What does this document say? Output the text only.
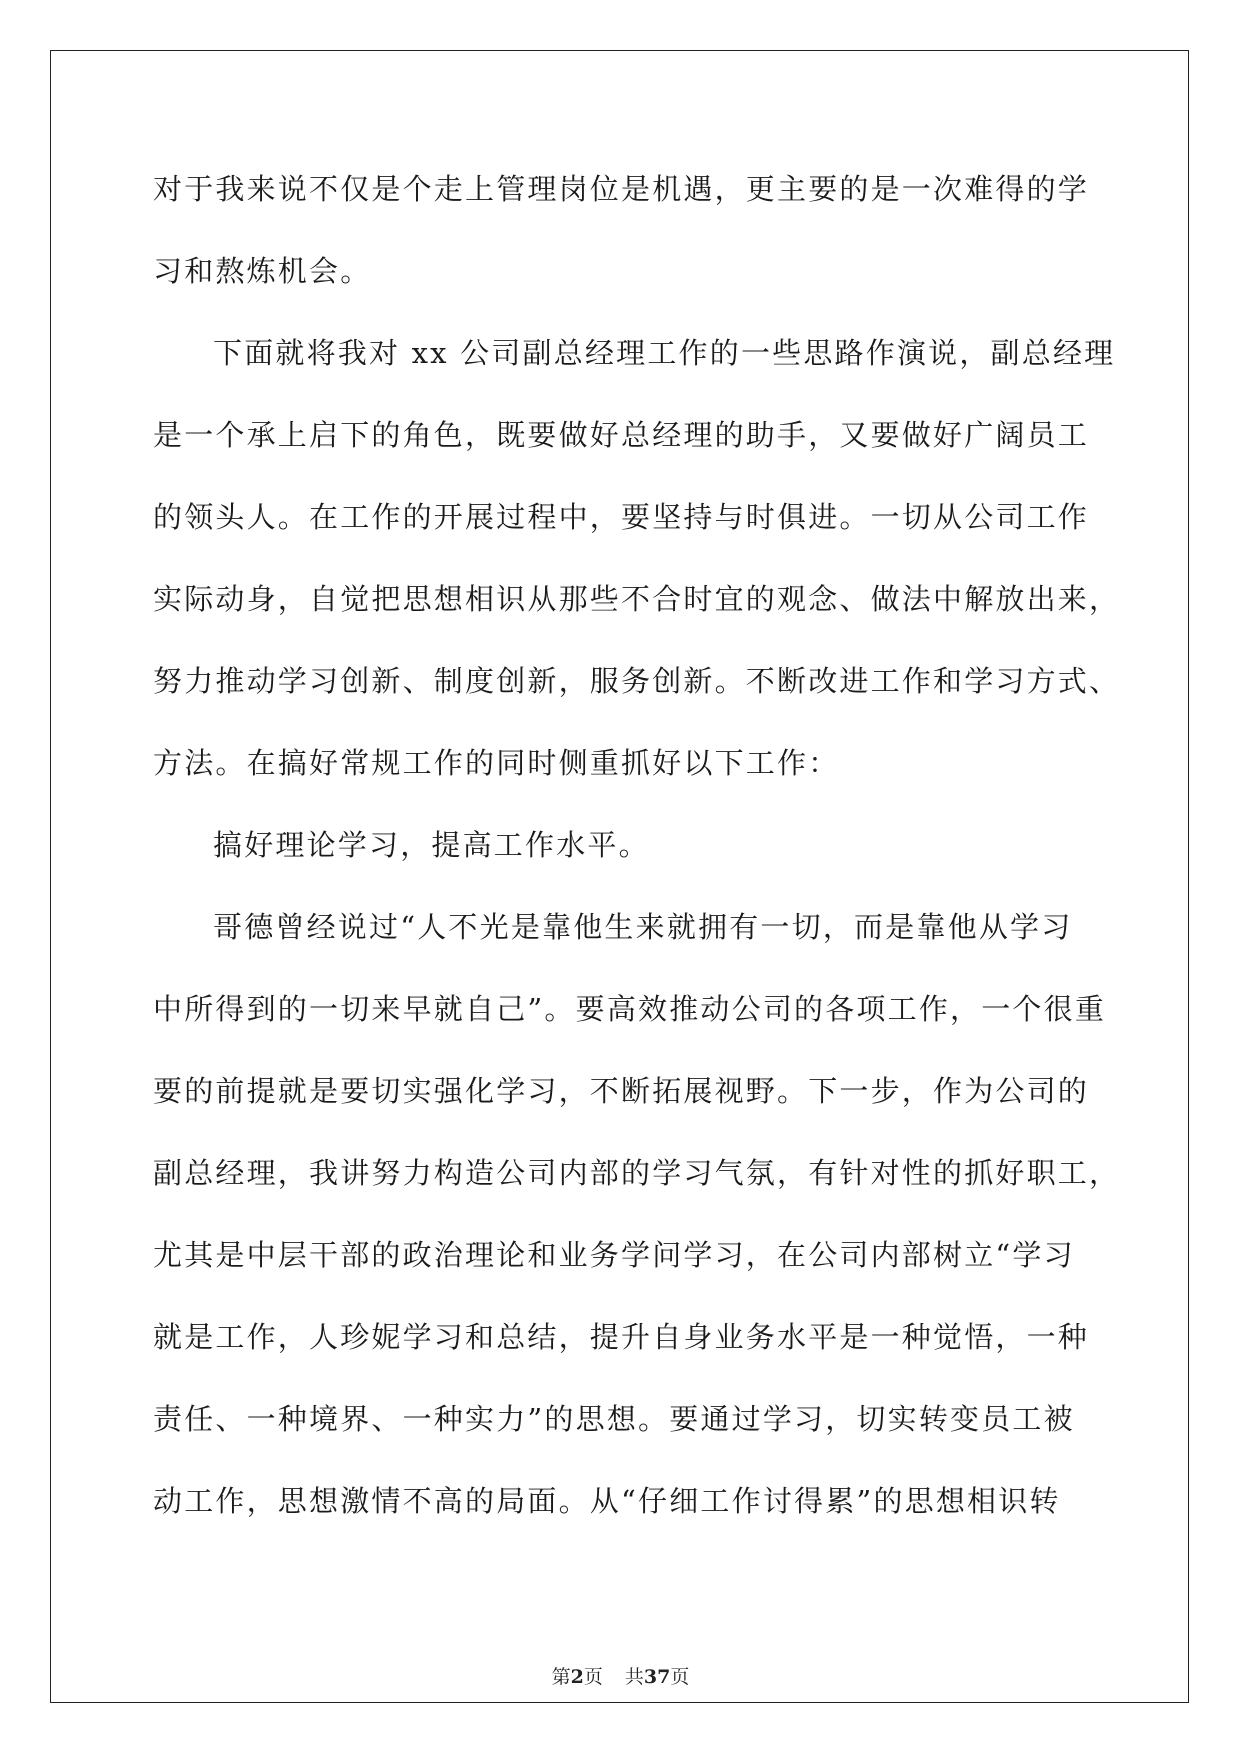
对于我来说不仅是个走上管理岗位是机遇，更主要的是一次难得的学

习和熬炼机会。

下面就将我对 xx 公司副总经理工作的一些思路作演说，副总经理

是一个承上启下的角色，既要做好总经理的助手，又要做好广阔员工

的领头人。在工作的开展过程中，要坚持与时俱进。一切从公司工作

实际动身，自觉把思想相识从那些不合时宜的观念、做法中解放出来，

努力推动学习创新、制度创新，服务创新。不断改进工作和学习方式、

方法。在搞好常规工作的同时侧重抓好以下工作：

搞好理论学习，提高工作水平。

哥德曾经说过“人不光是靠他生来就拥有一切，而是靠他从学习

中所得到的一切来早就自己”。要高效推动公司的各项工作，一个很重

要的前提就是要切实强化学习，不断拓展视野。下一步，作为公司的

副总经理，我讲努力构造公司内部的学习气氛，有针对性的抓好职工，

尤其是中层干部的政治理论和业务学问学习，在公司内部树立“学习

就是工作，人珍妮学习和总结，提升自身业务水平是一种觉悟，一种

责任、一种境界、一种实力”的思想。要通过学习，切实转变员工被

动工作，思想激情不高的局面。从“仔细工作讨得累”的思想相识转

第2页 共37页
